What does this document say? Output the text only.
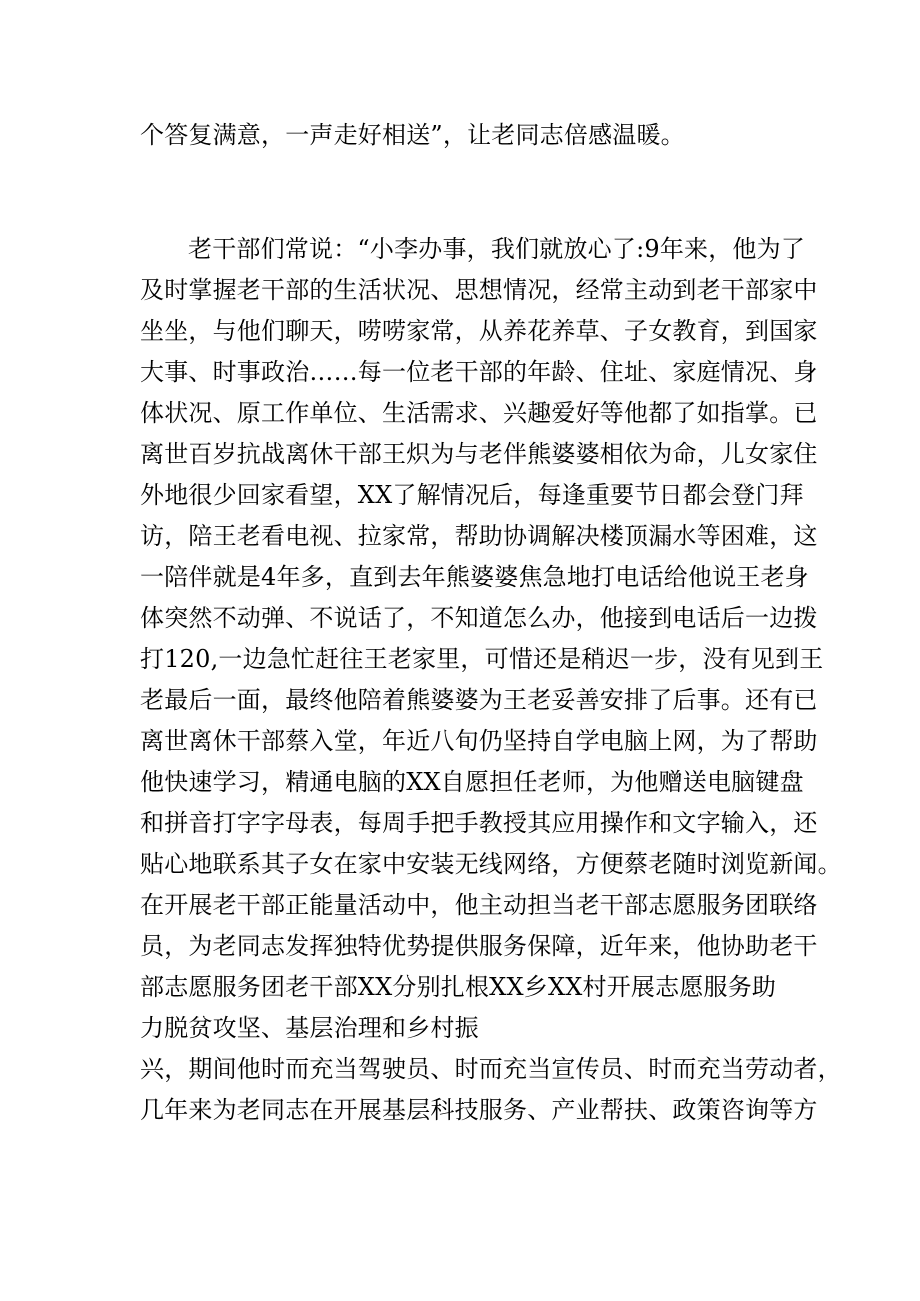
个答复满意，一声走好相送”，让老同志倍感温暖。
老干部们常说：“小李办事，我们就放心了:9年来，他为了
及时掌握老干部的生活状况、思想情况，经常主动到老干部家中
坐坐，与他们聊天，唠唠家常，从养花养草、子女教育，到国家
大事、时事政治……每一位老干部的年龄、住址、家庭情况、身
体状况、原工作单位、生活需求、兴趣爱好等他都了如指掌。已
离世百岁抗战离休干部王炽为与老伴熊婆婆相依为命，儿女家住
外地很少回家看望，XX了解情况后，每逢重要节日都会登门拜
访，陪王老看电视、拉家常，帮助协调解决楼顶漏水等困难，这
一陪伴就是4年多，直到去年熊婆婆焦急地打电话给他说王老身
体突然不动弹、不说话了，不知道怎么办，他接到电话后一边拨
打120,一边急忙赶往王老家里，可惜还是稍迟一步，没有见到王
老最后一面，最终他陪着熊婆婆为王老妥善安排了后事。还有已
离世离休干部蔡入堂，年近八旬仍坚持自学电脑上网，为了帮助
他快速学习，精通电脑的XX自愿担任老师，为他赠送电脑键盘
和拼音打字字母表，每周手把手教授其应用操作和文字输入，还
贴心地联系其子女在家中安装无线网络，方便蔡老随时浏览新闻。
在开展老干部正能量活动中，他主动担当老干部志愿服务团联络
员，为老同志发挥独特优势提供服务保障，近年来，他协助老干
部志愿服务团老干部XX分别扎根XX乡XX村开展志愿服务助
力脱贫攻坚、基层治理和乡村振
兴，期间他时而充当驾驶员、时而充当宣传员、时而充当劳动者，
几年来为老同志在开展基层科技服务、产业帮扶、政策咨询等方
